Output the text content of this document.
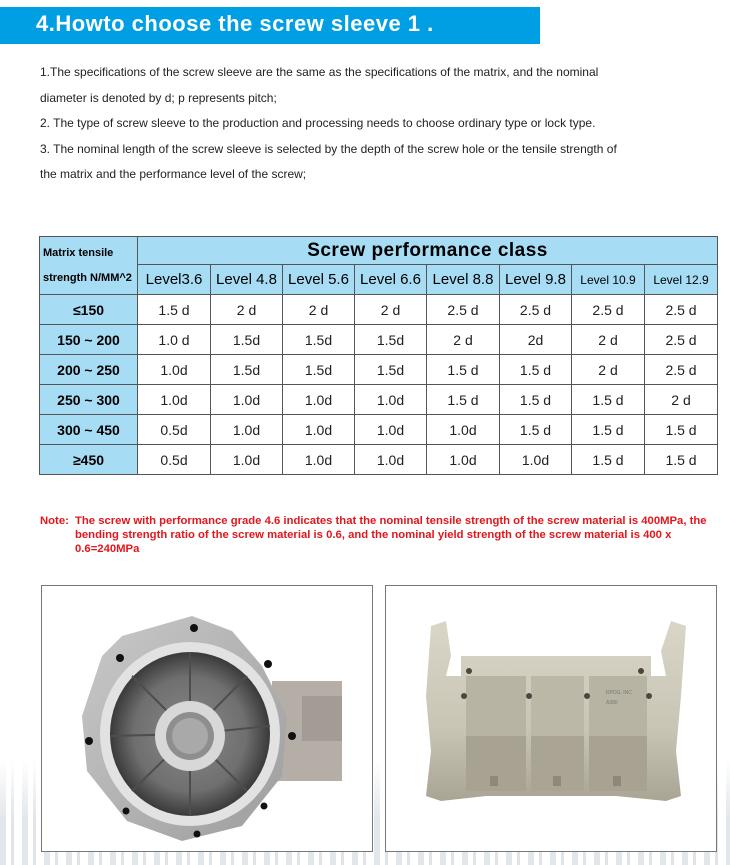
4.Howto choose the screw sleeve 1 .

1.The specifications of the screw sleeve are the same as the specifications of the matrix, and the nominal

diameter is denoted by d; p represents pitch;

2. The type of screw sleeve to the production and processing needs to choose ordinary type or lock type.

3. The nominal length of the screw sleeve is selected by the depth of the screw hole or the tensile strength of

the matrix and the performance level of the screw;

Matrix tensile
strength N/MM^2	Screw performance class							
	Level3.6	Level 4.8	Level 5.6	Level 6.6	Level 8.8	Level 9.8	Level 10.9	Level 12.9
≤150	1.5 d	2 d	2 d	2 d	2.5 d	2.5 d	2.5 d	2.5 d
150 ~ 200	1.0 d	1.5d	1.5d	1.5d	2 d	2d	2 d	2.5 d
200 ~ 250	1.0d	1.5d	1.5d	1.5d	1.5 d	1.5 d	2 d	2.5 d
250 ~ 300	1.0d	1.0d	1.0d	1.0d	1.5 d	1.5 d	1.5 d	2 d
300 ~ 450	0.5d	1.0d	1.0d	1.0d	1.0d	1.5 d	1.5 d	1.5 d
≥450	0.5d	1.0d	1.0d	1.0d	1.0d	1.0d	1.5 d	1.5 d
Note: The screw with performance grade 4.6 indicates that the nominal tensile strength of the screw material is 400MPa, the bending strength ratio of the screw material is 0.6, and the nominal yield strength of the screw material is 400 x 0.6=240MPa
RPDG, INC
A380
